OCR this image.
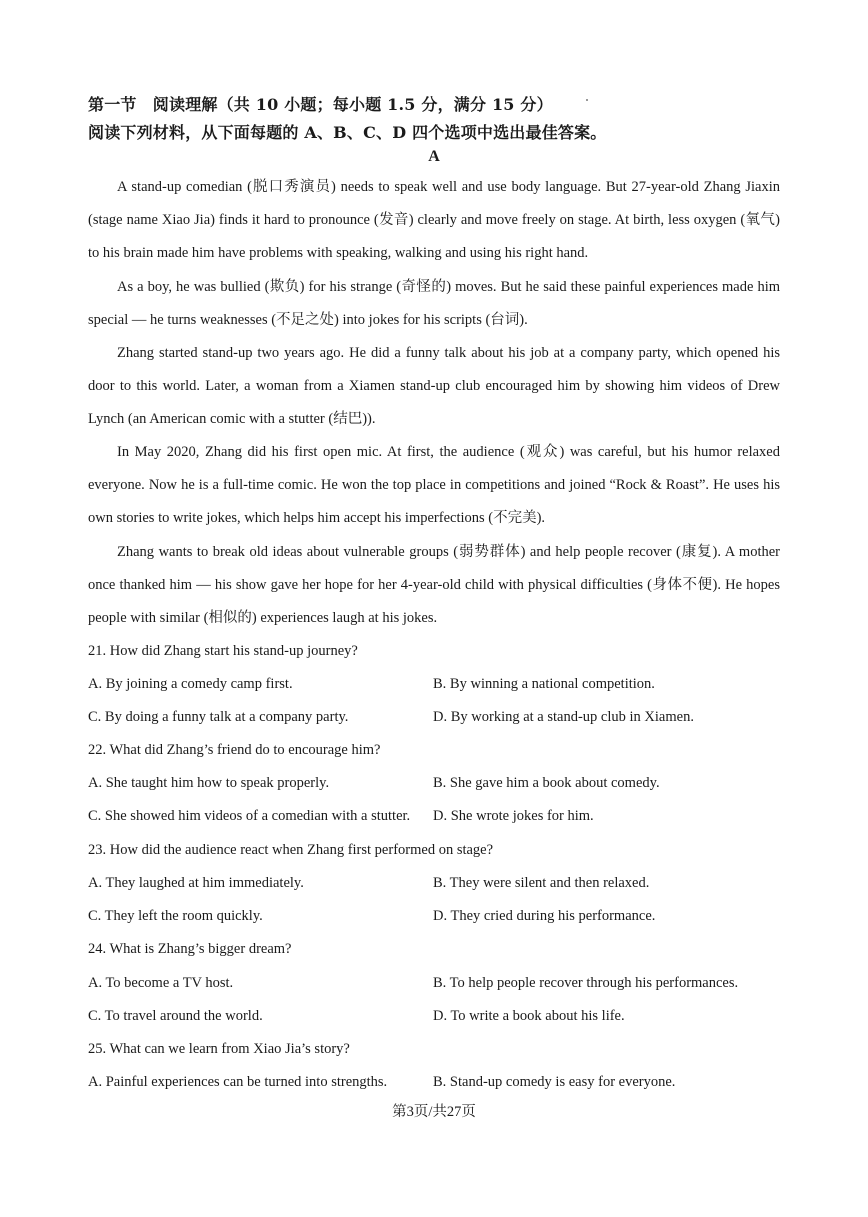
第一节　阅读理解（共 10 小题；每小题 1.5 分，满分 15 分）
阅读下列材料，从下面每题的 A、B、C、D 四个选项中选出最佳答案。
A

A stand-up comedian (脱口秀演员) needs to speak well and use body language. But 27-year-old Zhang Jiaxin (stage name Xiao Jia) finds it hard to pronounce (发音) clearly and move freely on stage. At birth, less oxygen (氧气) to his brain made him have problems with speaking, walking and using his right hand.

As a boy, he was bullied (欺负) for his strange (奇怪的) moves. But he said these painful experiences made him special — he turns weaknesses (不足之处) into jokes for his scripts (台词).

Zhang started stand-up two years ago. He did a funny talk about his job at a company party, which opened his door to this world. Later, a woman from a Xiamen stand-up club encouraged him by showing him videos of Drew Lynch (an American comic with a stutter (结巴)).

In May 2020, Zhang did his first open mic. At first, the audience (观众) was careful, but his humor relaxed everyone. Now he is a full-time comic. He won the top place in competitions and joined “Rock & Roast”. He uses his own stories to write jokes, which helps him accept his imperfections (不完美).

Zhang wants to break old ideas about vulnerable groups (弱势群体) and help people recover (康复). A mother once thanked him — his show gave her hope for her 4-year-old child with physical difficulties (身体不便). He hopes people with similar (相似的) experiences laugh at his jokes.

21. How did Zhang start his stand-up journey?
A. By joining a comedy camp first.	B. By winning a national competition.
C. By doing a funny talk at a company party.	D. By working at a stand-up club in Xiamen.
22. What did Zhang’s friend do to encourage him?
A. She taught him how to speak properly.	B. She gave him a book about comedy.
C. She showed him videos of a comedian with a stutter. D. She wrote jokes for him.
23. How did the audience react when Zhang first performed on stage?
A. They laughed at him immediately.	B. They were silent and then relaxed.
C. They left the room quickly.	D. They cried during his performance.
24. What is Zhang’s bigger dream?
A. To become a TV host.	B. To help people recover through his performances.
C. To travel around the world.	D. To write a book about his life.
25. What can we learn from Xiao Jia’s story?
A. Painful experiences can be turned into strengths.	B. Stand-up comedy is easy for everyone.
第3页/共27页
